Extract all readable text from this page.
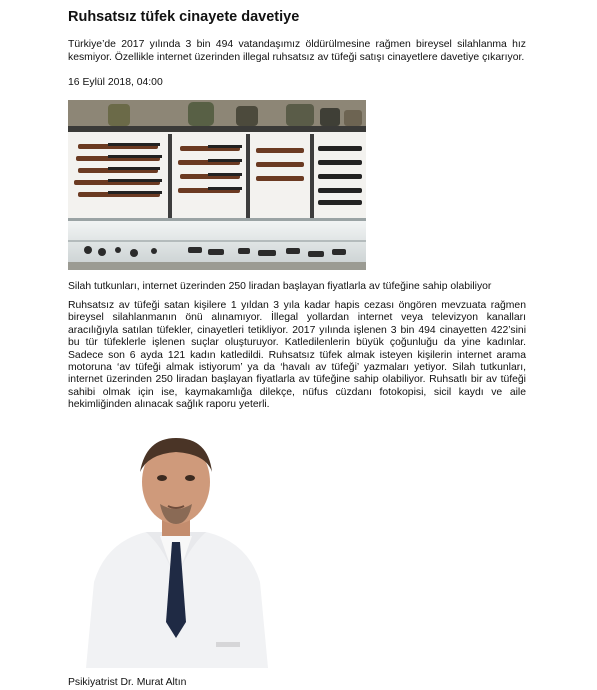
Ruhsatsız tüfek cinayete davetiye

Türkiye’de 2017 yılında 3 bin 494 vatandaşımız öldürülmesine rağmen bireysel silahlanma hız kesmiyor. Özellikle internet üzerinden illegal ruhsatsız av tüfeği satışı cinayetlere davetiye çıkarıyor.

16 Eylül 2018, 04:00

Silah tutkunları, internet üzerinden 250 liradan başlayan fiyatlarla av tüfeğine sahip olabiliyor
Ruhsatsız av tüfeği satan kişilere 1 yıldan 3 yıla kadar hapis cezası öngören mevzuata rağmen bireysel silahlanmanın önü alınamıyor. İllegal yollardan internet veya televizyon kanalları aracılığıyla satılan tüfekler, cinayetleri tetikliyor. 2017 yılında işlenen 3 bin 494 cinayetten 422’sini bu tür tüfeklerle işlenen suçlar oluşturuyor. Katledilenlerin büyük çoğunluğu da yine kadınlar. Sadece son 6 ayda 121 kadın katledildi. Ruhsatsız tüfek almak isteyen kişilerin internet arama motoruna ‘av tüfeği almak istiyorum’ ya da ‘havalı av tüfeği’ yazmaları yetiyor. Silah tutkunları, internet üzerinden 250 liradan başlayan fiyatlarla av tüfeğine sahip olabiliyor. Ruhsatlı bir av tüfeği sahibi olmak için ise, kaymakamlığa dilekçe, nüfus cüzdanı fotokopisi, sicil kaydı ve aile hekimliğinden alınacak sağlık raporu yeterli.
Psikiyatrist Dr. Murat Altın
